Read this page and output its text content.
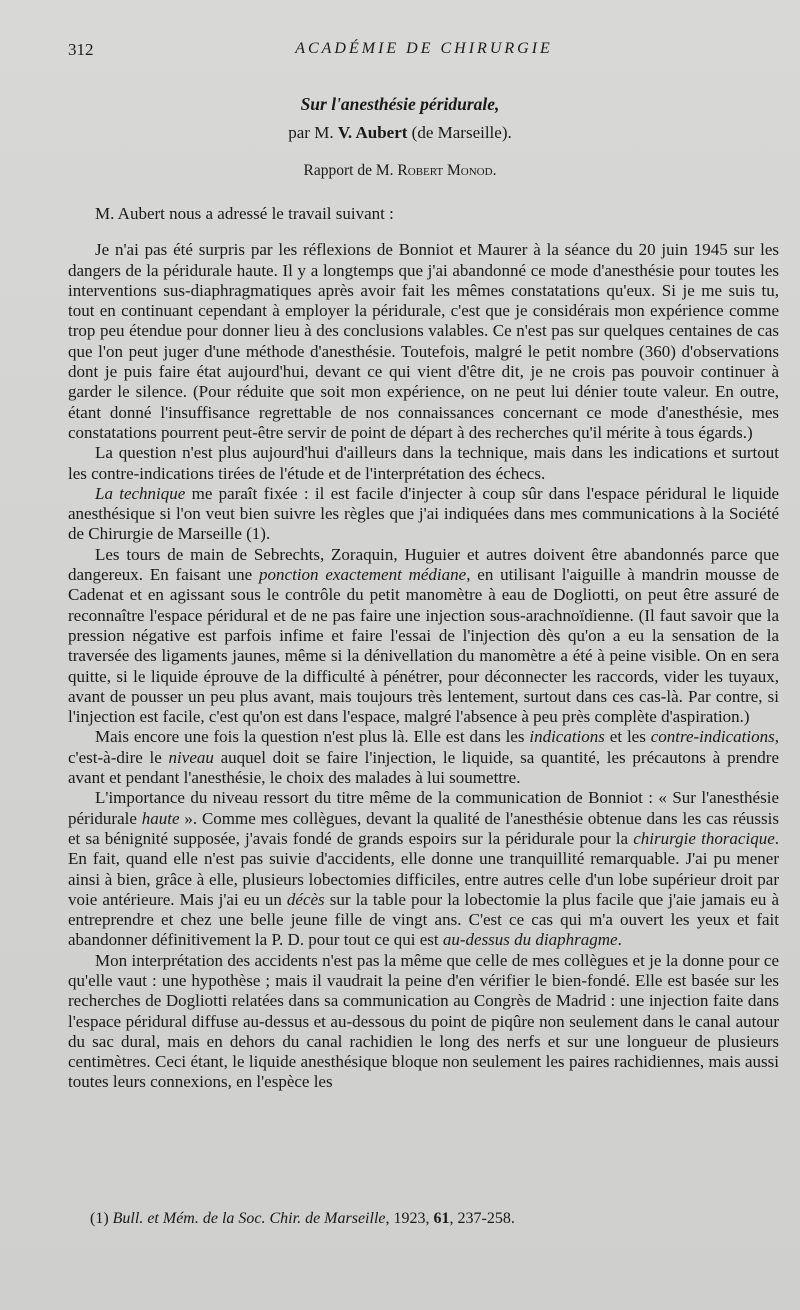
312	ACADÉMIE DE CHIRURGIE
Sur l'anesthésie péridurale,
par M. V. Aubert (de Marseille).
Rapport de M. Robert Monod.

M. Aubert nous a adressé le travail suivant :

Je n'ai pas été surpris par les réflexions de Bonniot et Maurer à la séance du 20 juin 1945 sur les dangers de la péridurale haute. Il y a longtemps que j'ai abandonné ce mode d'anesthésie pour toutes les interventions sus-diaphragmatiques après avoir fait les mêmes constatations qu'eux. Si je me suis tu, tout en continuant cependant à employer la péridurale, c'est que je considérais mon expérience comme trop peu étendue pour donner lieu à des conclusions valables. Ce n'est pas sur quelques centaines de cas que l'on peut juger d'une méthode d'anesthésie. Toutefois, malgré le petit nombre (360) d'observations dont je puis faire état aujourd'hui, devant ce qui vient d'être dit, je ne crois pas pouvoir continuer à garder le silence. (Pour réduite que soit mon expérience, on ne peut lui dénier toute valeur. En outre, étant donné l'insuffisance regrettable de nos connaissances concernant ce mode d'anesthésie, mes constatations pourrent peut-être servir de point de départ à des recherches qu'il mérite à tous égards.)

La question n'est plus aujourd'hui d'ailleurs dans la technique, mais dans les indications et surtout les contre-indications tirées de l'étude et de l'interprétation des échecs.

La technique me paraît fixée : il est facile d'injecter à coup sûr dans l'espace péridural le liquide anesthésique si l'on veut bien suivre les règles que j'ai indiquées dans mes communications à la Société de Chirurgie de Marseille (1).

Les tours de main de Sebrechts, Zoraquin, Huguier et autres doivent être abandonnés parce que dangereux. En faisant une ponction exactement médiane, en utilisant l'aiguille à mandrin mousse de Cadenat et en agissant sous le contrôle du petit manomètre à eau de Dogliotti, on peut être assuré de reconnaître l'espace péridural et de ne pas faire une injection sous-arachnoïdienne. (Il faut savoir que la pression négative est parfois infime et faire l'essai de l'injection dès qu'on a eu la sensation de la traversée des ligaments jaunes, même si la dénivellation du manomètre a été à peine visible. On en sera quitte, si le liquide éprouve de la difficulté à pénétrer, pour déconnecter les raccords, vider les tuyaux, avant de pousser un peu plus avant, mais toujours très lentement, surtout dans ces cas-là. Par contre, si l'injection est facile, c'est qu'on est dans l'espace, malgré l'absence à peu près complète d'aspiration.)

Mais encore une fois la question n'est plus là. Elle est dans les indications et les contre-indications, c'est-à-dire le niveau auquel doit se faire l'injection, le liquide, sa quantité, les précautons à prendre avant et pendant l'anesthésie, le choix des malades à lui soumettre.

L'importance du niveau ressort du titre même de la communication de Bonniot : « Sur l'anesthésie péridurale haute ». Comme mes collègues, devant la qualité de l'anesthésie obtenue dans les cas réussis et sa bénignité supposée, j'avais fondé de grands espoirs sur la péridurale pour la chirurgie thoracique. En fait, quand elle n'est pas suivie d'accidents, elle donne une tranquillité remarquable. J'ai pu mener ainsi à bien, grâce à elle, plusieurs lobectomies difficiles, entre autres celle d'un lobe supérieur droit par voie antérieure. Mais j'ai eu un décès sur la table pour la lobectomie la plus facile que j'aie jamais eu à entreprendre et chez une belle jeune fille de vingt ans. C'est ce cas qui m'a ouvert les yeux et fait abandonner définitivement la P. D. pour tout ce qui est au-dessus du diaphragme.

Mon interprétation des accidents n'est pas la même que celle de mes collègues et je la donne pour ce qu'elle vaut : une hypothèse ; mais il vaudrait la peine d'en vérifier le bien-fondé. Elle est basée sur les recherches de Dogliotti relatées dans sa communication au Congrès de Madrid : une injection faite dans l'espace péridural diffuse au-dessus et au-dessous du point de piqûre non seulement dans le canal autour du sac dural, mais en dehors du canal rachidien le long des nerfs et sur une longueur de plusieurs centimètres. Ceci étant, le liquide anesthésique bloque non seulement les paires rachidiennes, mais aussi toutes leurs connexions, en l'espèce les

(1) Bull. et Mém. de la Soc. Chir. de Marseille, 1923, 61, 237-258.
